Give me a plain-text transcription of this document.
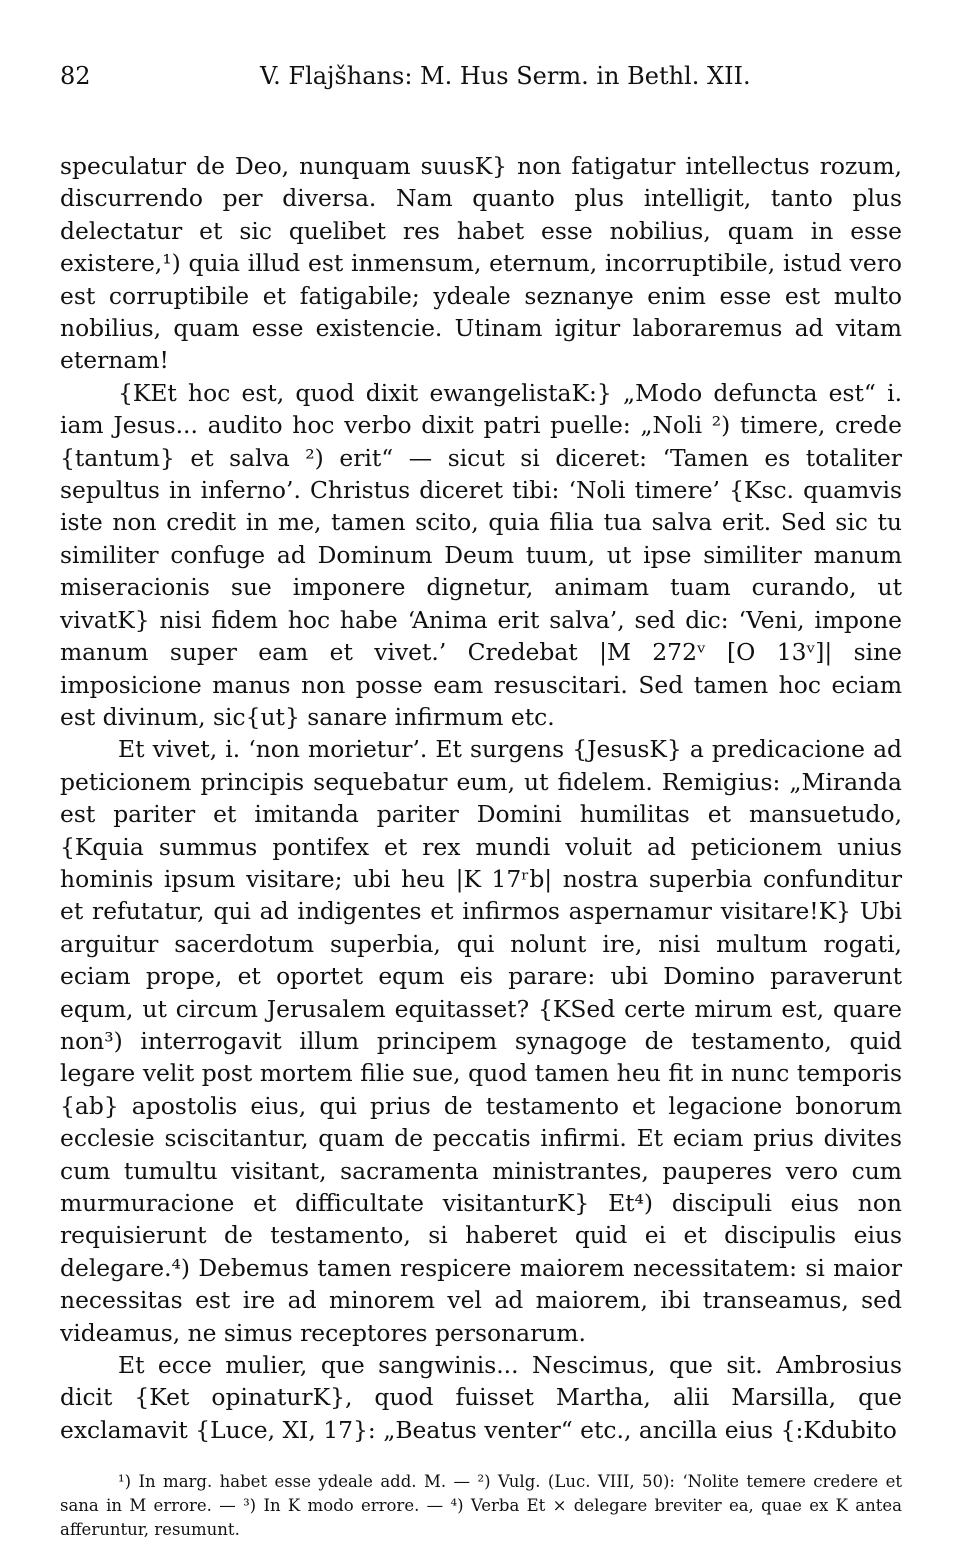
82	V. Flajšhans: M. Hus Serm. in Bethl. XII.

speculatur de Deo, nunquam suusK} non fatigatur intellectus rozum, discurrendo per diversa. Nam quanto plus intelligit, tanto plus delectatur et sic quelibet res habet esse nobilius, quam in esse existere,¹) quia illud est inmensum, eternum, incorruptibile, istud vero est corruptibile et fatigabile; ydeale seznanye enim esse est multo nobilius, quam esse existencie. Utinam igitur laboraremus ad vitam eternam!

{KEt hoc est, quod dixit ewangelistaK:} „Modo defuncta est“ i. iam Jesus... audito hoc verbo dixit patri puelle: „Noli ²) timere, crede {tantum} et salva ²) erit“ — sicut si diceret: ‘Tamen es totaliter sepultus in inferno’. Christus diceret tibi: ‘Noli timere’ {Ksc. quamvis iste non credit in me, tamen scito, quia filia tua salva erit. Sed sic tu similiter confuge ad Dominum Deum tuum, ut ipse similiter manum miseracionis sue imponere dignetur, animam tuam curando, ut vivatK} nisi fidem hoc habe ‘Anima erit salva’, sed dic: ‘Veni, impone manum super eam et vivet.’ Credebat |M 272ᵛ [O 13ᵛ]| sine imposicione manus non posse eam resuscitari. Sed tamen hoc eciam est divinum, sic{ut} sanare infirmum etc.

Et vivet, i. ‘non morietur’. Et surgens {JesusK} a predicacione ad peticionem principis sequebatur eum, ut fidelem. Remigius: „Miranda est pariter et imitanda pariter Domini humilitas et mansuetudo, {Kquia summus pontifex et rex mundi voluit ad peticionem unius hominis ipsum visitare; ubi heu |K 17ʳb| nostra superbia confunditur et refutatur, qui ad indigentes et infirmos aspernamur visitare!K} Ubi arguitur sacerdotum superbia, qui nolunt ire, nisi multum rogati, eciam prope, et oportet equm eis parare: ubi Domino paraverunt equm, ut circum Jerusalem equitasset? {KSed certe mirum est, quare non³) interrogavit illum principem synagoge de testamento, quid legare velit post mortem filie sue, quod tamen heu fit in nunc temporis {ab} apostolis eius, qui prius de testamento et legacione bonorum ecclesie sciscitantur, quam de peccatis infirmi. Et eciam prius divites cum tumultu visitant, sacramenta ministrantes, pauperes vero cum murmuracione et difficultate visitanturK} Et⁴) discipuli eius non requisierunt de testamento, si haberet quid ei et discipulis eius delegare.⁴) Debemus tamen respicere maiorem necessitatem: si maior necessitas est ire ad minorem vel ad maiorem, ibi transeamus, sed videamus, ne simus receptores personarum.

Et ecce mulier, que sangwinis... Nescimus, que sit. Ambrosius dicit {Ket opinaturK}, quod fuisset Martha, alii Marsilla, que exclamavit {Luce, XI, 17}: „Beatus venter“ etc., ancilla eius {:Kdubito

¹) In marg. habet esse ydeale add. M. — ²) Vulg. (Luc. VIII, 50): ‘Nolite temere credere et sana in M errore. — ³) In K modo errore. — ⁴) Verba Et × delegare breviter ea, quae ex K antea afferuntur, resumunt.
